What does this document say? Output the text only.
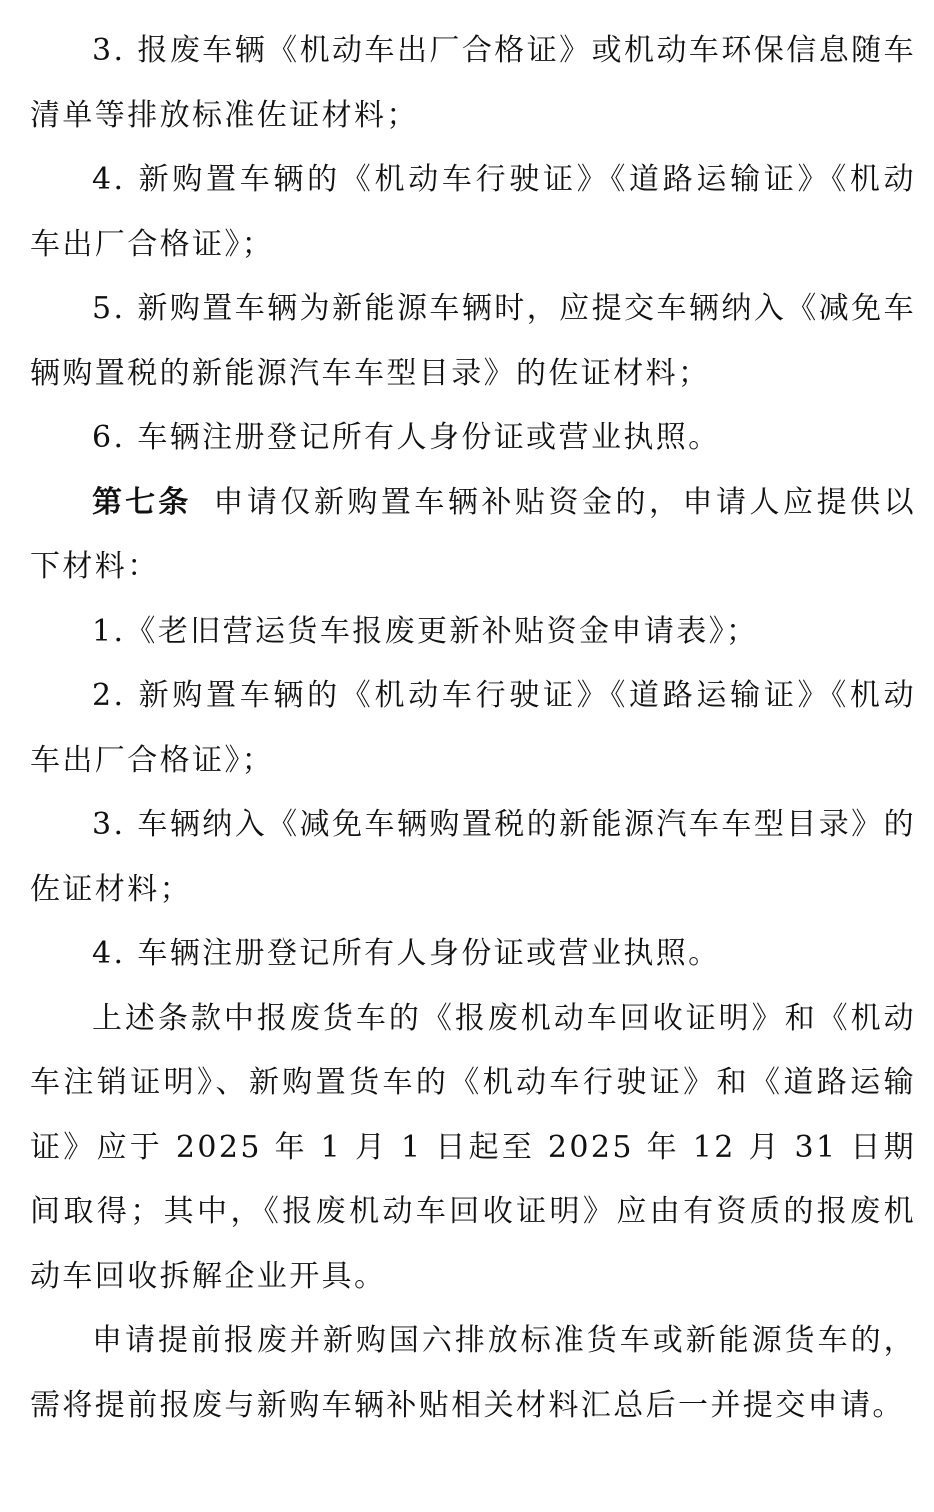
3. 报废车辆《机动车出厂合格证》或机动车环保信息随车清单等排放标准佐证材料；

4. 新购置车辆的《机动车行驶证》《道路运输证》《机动车出厂合格证》；

5. 新购置车辆为新能源车辆时，应提交车辆纳入《减免车辆购置税的新能源汽车车型目录》的佐证材料；

6. 车辆注册登记所有人身份证或营业执照。

第七条 申请仅新购置车辆补贴资金的，申请人应提供以下材料：

1.《老旧营运货车报废更新补贴资金申请表》；

2. 新购置车辆的《机动车行驶证》《道路运输证》《机动车出厂合格证》；

3. 车辆纳入《减免车辆购置税的新能源汽车车型目录》的佐证材料；

4. 车辆注册登记所有人身份证或营业执照。

上述条款中报废货车的《报废机动车回收证明》和《机动车注销证明》、新购置货车的《机动车行驶证》和《道路运输证》应于 2025 年 1 月 1 日起至 2025 年 12 月 31 日期间取得；其中，《报废机动车回收证明》应由有资质的报废机动车回收拆解企业开具。

申请提前报废并新购国六排放标准货车或新能源货车的，需将提前报废与新购车辆补贴相关材料汇总后一并提交申请。
